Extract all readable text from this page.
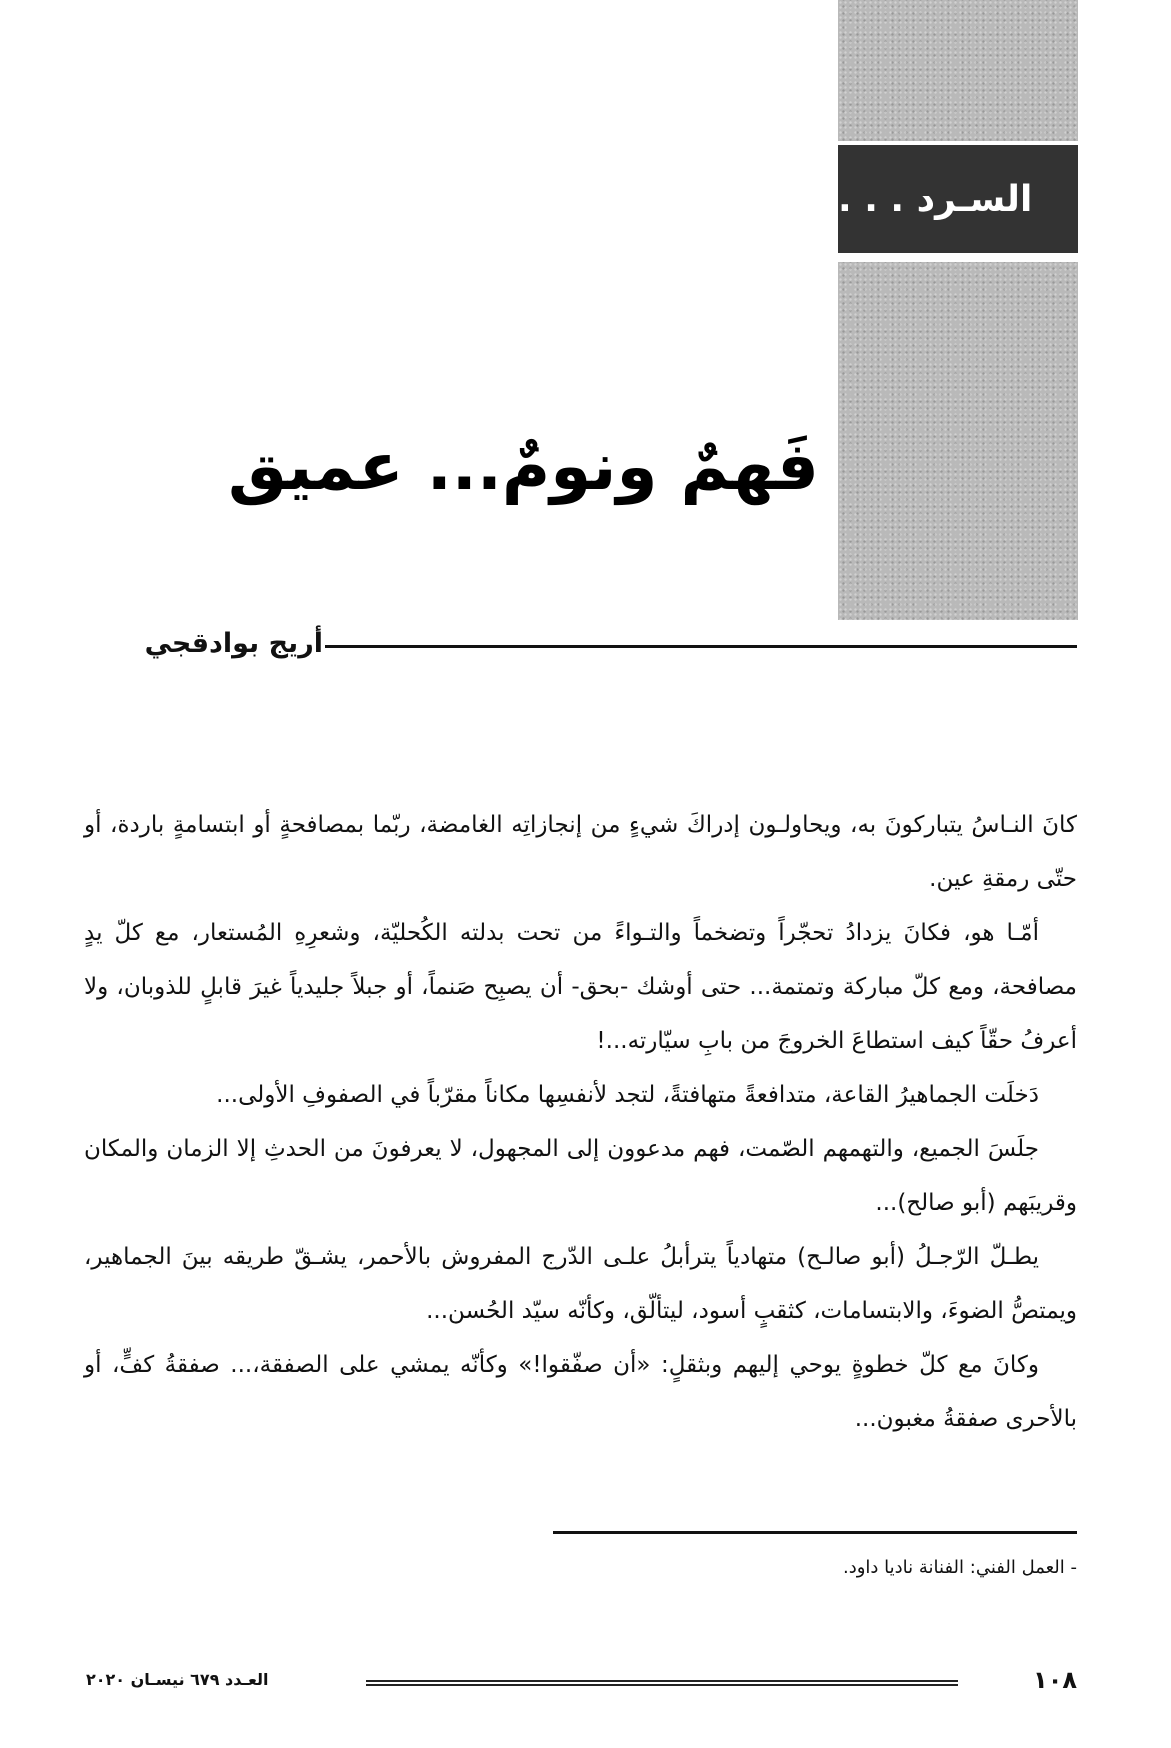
السـرد . . .
فَهمٌ ونومٌ... عميق
أريج بوادقجي

كانَ النـاسُ يتباركونَ به، ويحاولـون إدراكَ شيءٍ من إنجازاتِه الغامضة، ربّما بمصافحةٍ أو ابتسامةٍ باردة، أو حتّى رمقةِ عين.

أمّـا هو، فكانَ يزدادُ تحجّراً وتضخماً والتـواءً من تحت بدلته الكُحليّة، وشعرِهِ المُستعار، مع كلّ يدٍ مصافحة، ومع كلّ مباركة وتمتمة... حتى أوشك -بحق- أن يصبِح صَنماً، أو جبلاً جليدياً غيرَ قابلٍ للذوبان، ولا أعرفُ حقّاً كيف استطاعَ الخروجَ من بابِ سيّارته...!

دَخلَت الجماهيرُ القاعة، متدافعةً متهافتةً، لتجد لأنفسِها مكاناً مقرّباً في الصفوفِ الأولى...

جلَسَ الجميع، والتهمهم الصّمت، فهم مدعوون إلى المجهول، لا يعرفونَ من الحدثِ إلا الزمان والمكان وقريبَهم (أبو صالح)...

يطـلّ الرّجـلُ (أبو صالـح) متهادياً يترأبلُ علـى الدّرج المفروش بالأحمر، يشـقّ طريقه بينَ الجماهير، ويمتصُّ الضوءَ، والابتسامات، كثقبٍ أسود، ليتألّق، وكأنّه سيّد الحُسن...

وكانَ مع كلّ خطوةٍ يوحي إليهم وبثقلٍ: «أن صفّقوا!» وكأنّه يمشي على الصفقة،... صفقةُ كفٍّ، أو بالأحرى صفقةُ مغبون...

- العمل الفني: الفنانة ناديا داود.
١٠٨
العـدد ٦٧٩ نيسـان ٢٠٢٠
